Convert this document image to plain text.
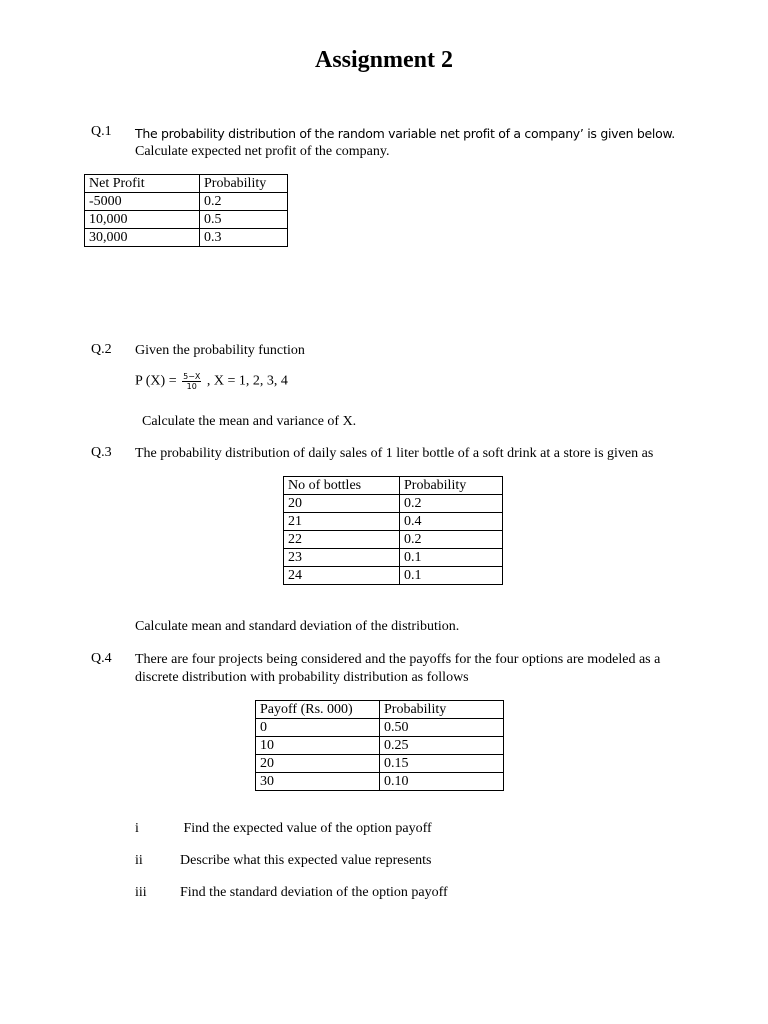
Assignment 2
Q.1 The probability distribution of the random variable net profit of a company’ is given below.
Calculate expected net profit of the company.
Net Profit	Probability
-5000	0.2
10,000	0.5
30,000	0.3
Q.2 Given the probability function
P $(X) = \frac{5-X}{10}$ , X = 1, 2, 3, 4
Calculate the mean and variance of X.
Q.3 The probability distribution of daily sales of 1 liter bottle of a soft drink at a store is given as
No of bottles	Probability
20	0.2
21	0.4
22	0.2
23	0.1
24	0.1
Calculate mean and standard deviation of the distribution.
Q.4 There are four projects being considered and the payoffs for the four options are modeled as a
discrete distribution with probability distribution as follows
Payoff (Rs. 000)	Probability
0	0.50
10	0.25
20	0.15
30	0.10
i	Find the expected value of the option payoff
ii	Describe what this expected value represents
iii Find the standard deviation of the option payoff
